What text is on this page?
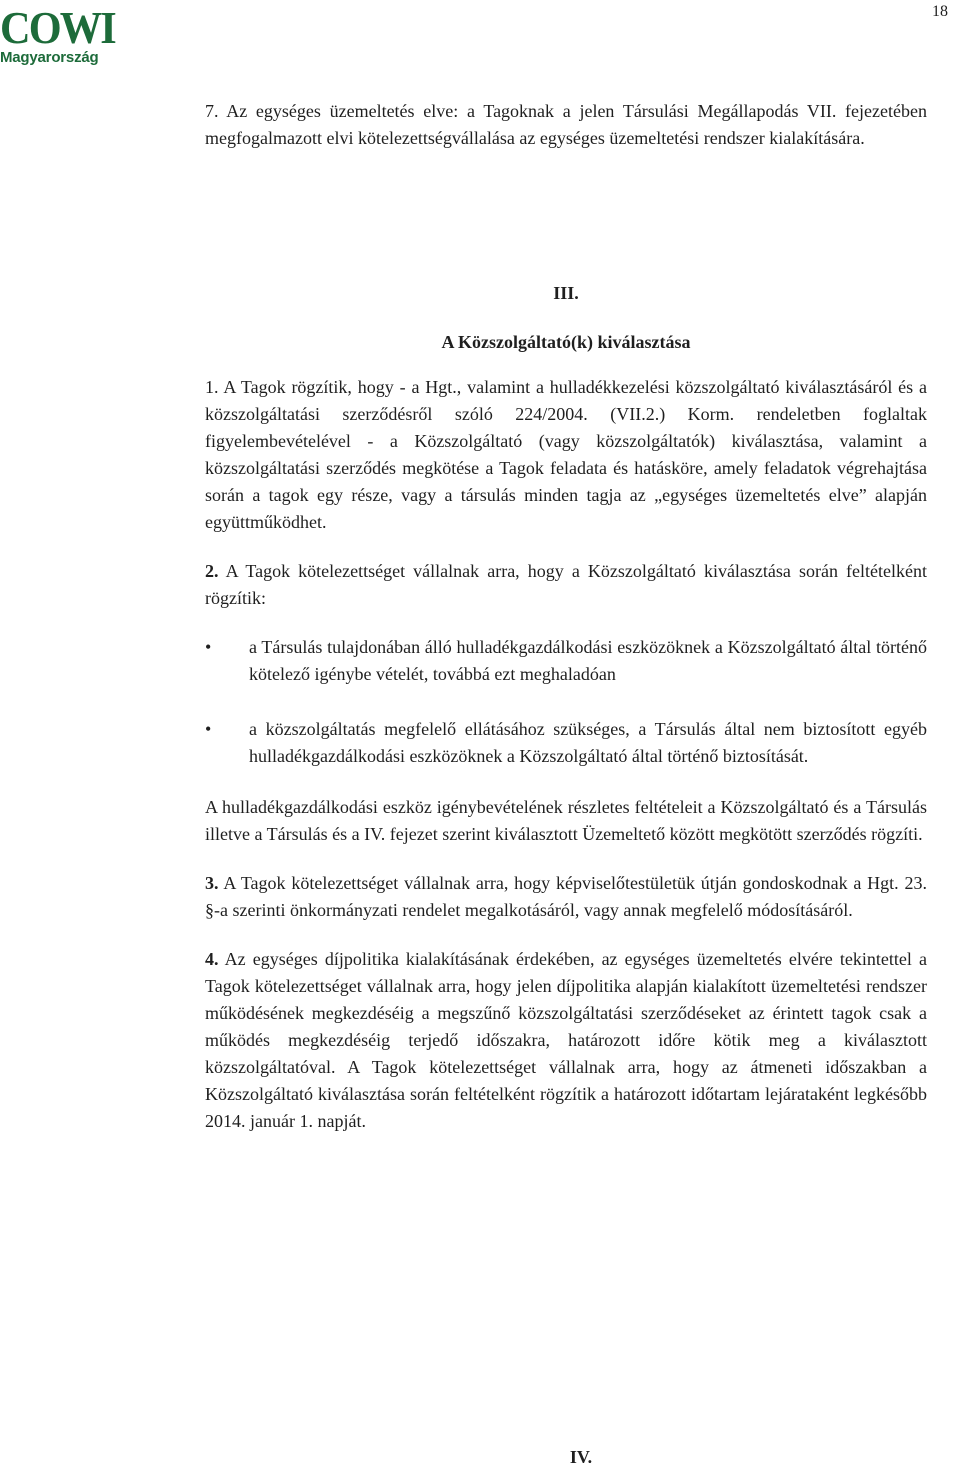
COWI
Magyarország
18

7. Az egységes üzemeltetés elve: a Tagoknak a jelen Társulási Megállapodás VII. fejezetében megfogalmazott elvi kötelezettségvállalása az egységes üzemeltetési rendszer kialakítására.

III.

A Közszolgáltató(k) kiválasztása

1. A Tagok rögzítik, hogy - a Hgt., valamint a hulladékkezelési közszolgáltató kiválasztásáról és a közszolgáltatási szerződésről szóló 224/2004. (VII.2.) Korm. rendeletben foglaltak figyelembevételével - a Közszolgáltató (vagy közszolgáltatók) kiválasztása, valamint a közszolgáltatási szerződés megkötése a Tagok feladata és hatásköre, amely feladatok végrehajtása során a tagok egy része, vagy a társulás minden tagja az „egységes üzemeltetés elve” alapján együttműködhet.

2. A Tagok kötelezettséget vállalnak arra, hogy a Közszolgáltató kiválasztása során feltételként rögzítik:

• a Társulás tulajdonában álló hulladékgazdálkodási eszközöknek a Közszolgáltató által történő kötelező igénybe vételét, továbbá ezt meghaladóan
• a közszolgáltatás megfelelő ellátásához szükséges, a Társulás által nem biztosított egyéb hulladékgazdálkodási eszközöknek a Közszolgáltató által történő biztosítását.

A hulladékgazdálkodási eszköz igénybevételének részletes feltételeit a Közszolgáltató és a Társulás illetve a Társulás és a IV. fejezet szerint kiválasztott Üzemeltető között megkötött szerződés rögzíti.

3. A Tagok kötelezettséget vállalnak arra, hogy képviselőtestületük útján gondoskodnak a Hgt. 23. §-a szerinti önkormányzati rendelet megalkotásáról, vagy annak megfelelő módosításáról.

4. Az egységes díjpolitika kialakításának érdekében, az egységes üzemeltetés elvére tekintettel a Tagok kötelezettséget vállalnak arra, hogy jelen díjpolitika alapján kialakított üzemeltetési rendszer működésének megkezdéséig a megszűnő közszolgáltatási szerződéseket az érintett tagok csak a működés megkezdéséig terjedő időszakra, határozott időre kötik meg a kiválasztott közszolgáltatóval. A Tagok kötelezettséget vállalnak arra, hogy az átmeneti időszakban a Közszolgáltató kiválasztása során feltételként rögzítik a határozott időtartam lejárataként legkésőbb 2014. január 1. napját.

IV.
